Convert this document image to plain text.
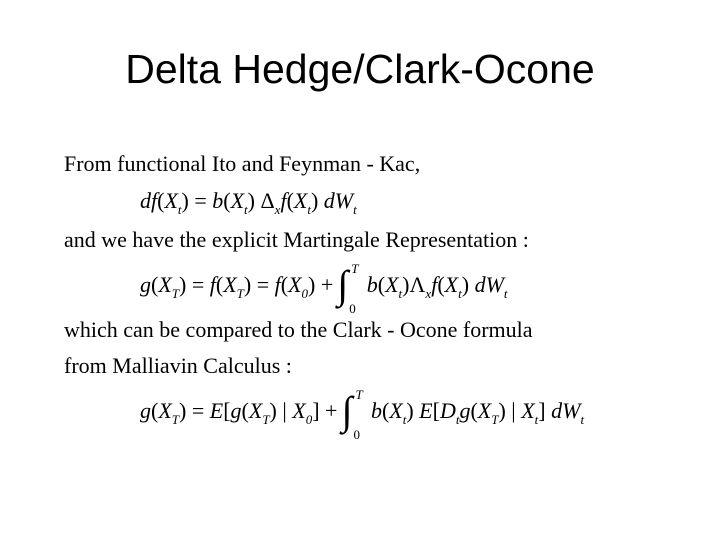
Delta Hedge/Clark-Ocone
From functional Ito and Feynman - Kac,
$df(X_t) = b(X_t)$ $\Delta_xf(X_t)$ $dW_t$
and we have the explicit Martingale Representation :
$g(X_T) = f(X_T) = f(X_0)$ + ∫ T
0
$b(X_t)\Lambda_xf(X_t)$ $dW_t$
which can be compared to the Clark - Ocone formula
from Malliavin Calculus :
$g(X_T) = E[g(X_T)$ | $X_0$] + ∫ T
0
$b(X_t)$ $E[D_tg(X_T)$ | $X_t$] $dW_t$
